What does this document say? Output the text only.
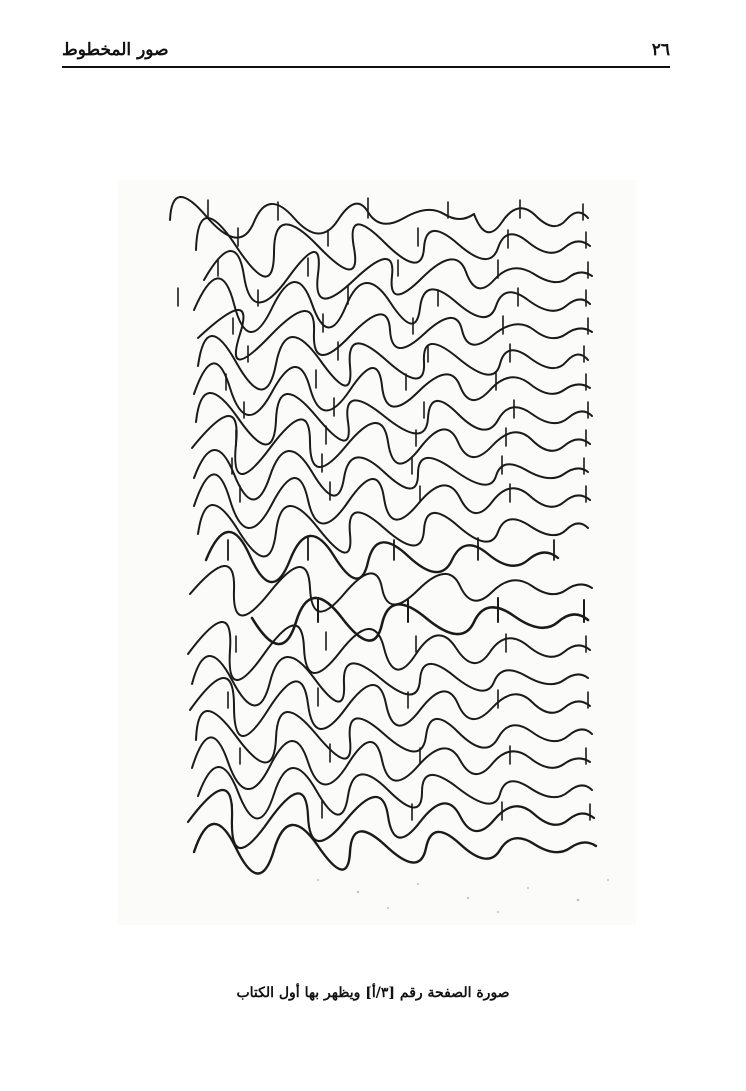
٢٦
صور المخطوط
صورة الصفحة رقم [٣/أ] ويظهر بها أول الكتاب
